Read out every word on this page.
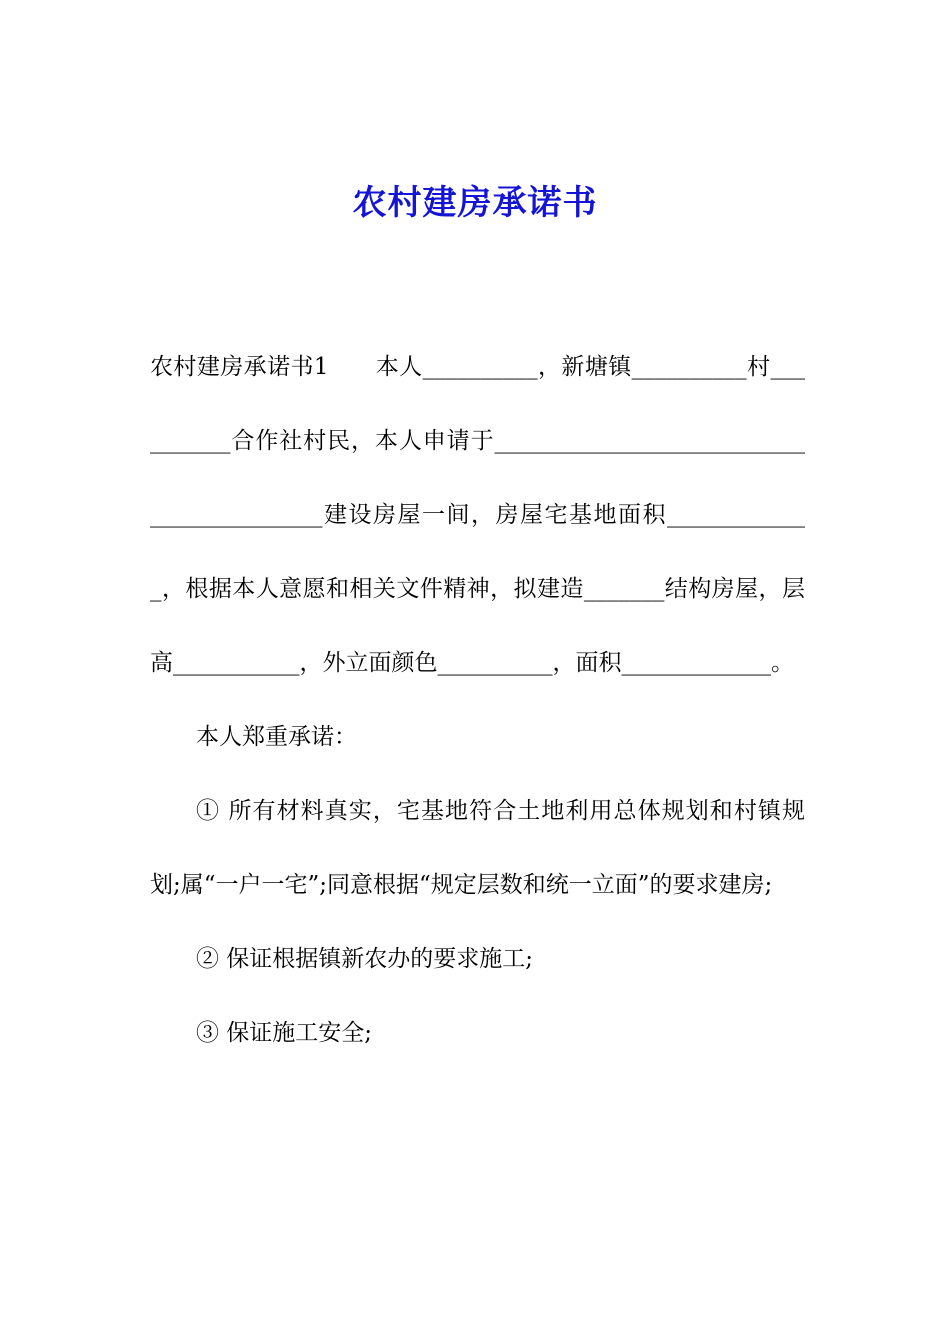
农村建房承诺书

农村建房承诺书1　　本人__________，新塘镇__________村__________合作社村民，本人申请于__________________________________________建设房屋一间，房屋宅基地面积_____________，根据本人意愿和相关文件精神，拟建造_______结构房屋，层高___________，外立面颜色__________，面积_____________。

本人郑重承诺：

① 所有材料真实，宅基地符合土地利用总体规划和村镇规划;属“一户一宅”;同意根据“规定层数和统一立面”的要求建房;

② 保证根据镇新农办的要求施工;

③ 保证施工安全;
